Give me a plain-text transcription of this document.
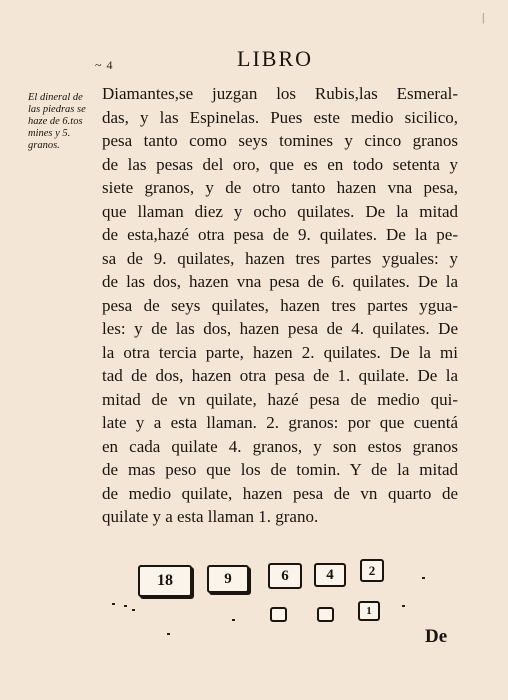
|
~ 4	LIBRO
El dineral de
las piedras se
haze de 6.tos
mines y 5.
granos.
Diamantes,se juzgan los Rubis,las Esmeral-
das, y las Espinelas. Pues este medio sicilico,
pesa tanto como seys tomines y cinco granos
de las pesas del oro, que es en todo setenta y
siete granos, y de otro tanto hazen vna pesa,
que llaman diez y ocho quilates. De la mitad
de esta,hazé otra pesa de 9. quilates. De la pe-
sa de 9. quilates, hazen tres partes yguales: y
de las dos, hazen vna pesa de 6. quilates. De la
pesa de seys quilates, hazen tres partes ygua-
les: y de las dos, hazen pesa de 4. quilates. De
la otra tercia parte, hazen 2. quilates. De la mi
tad de dos, hazen otra pesa de 1. quilate. De la
mitad de vn quilate, hazé pesa de medio qui-
late y a esta llaman. 2. granos: por que cuentá
en cada quilate 4. granos, y son estos granos
de mas peso que los de tomin. Y de la mitad
de medio quilate, hazen pesa de vn quarto de
quilate y a esta llaman 1. grano.
18	9	6	4	2
1
De
